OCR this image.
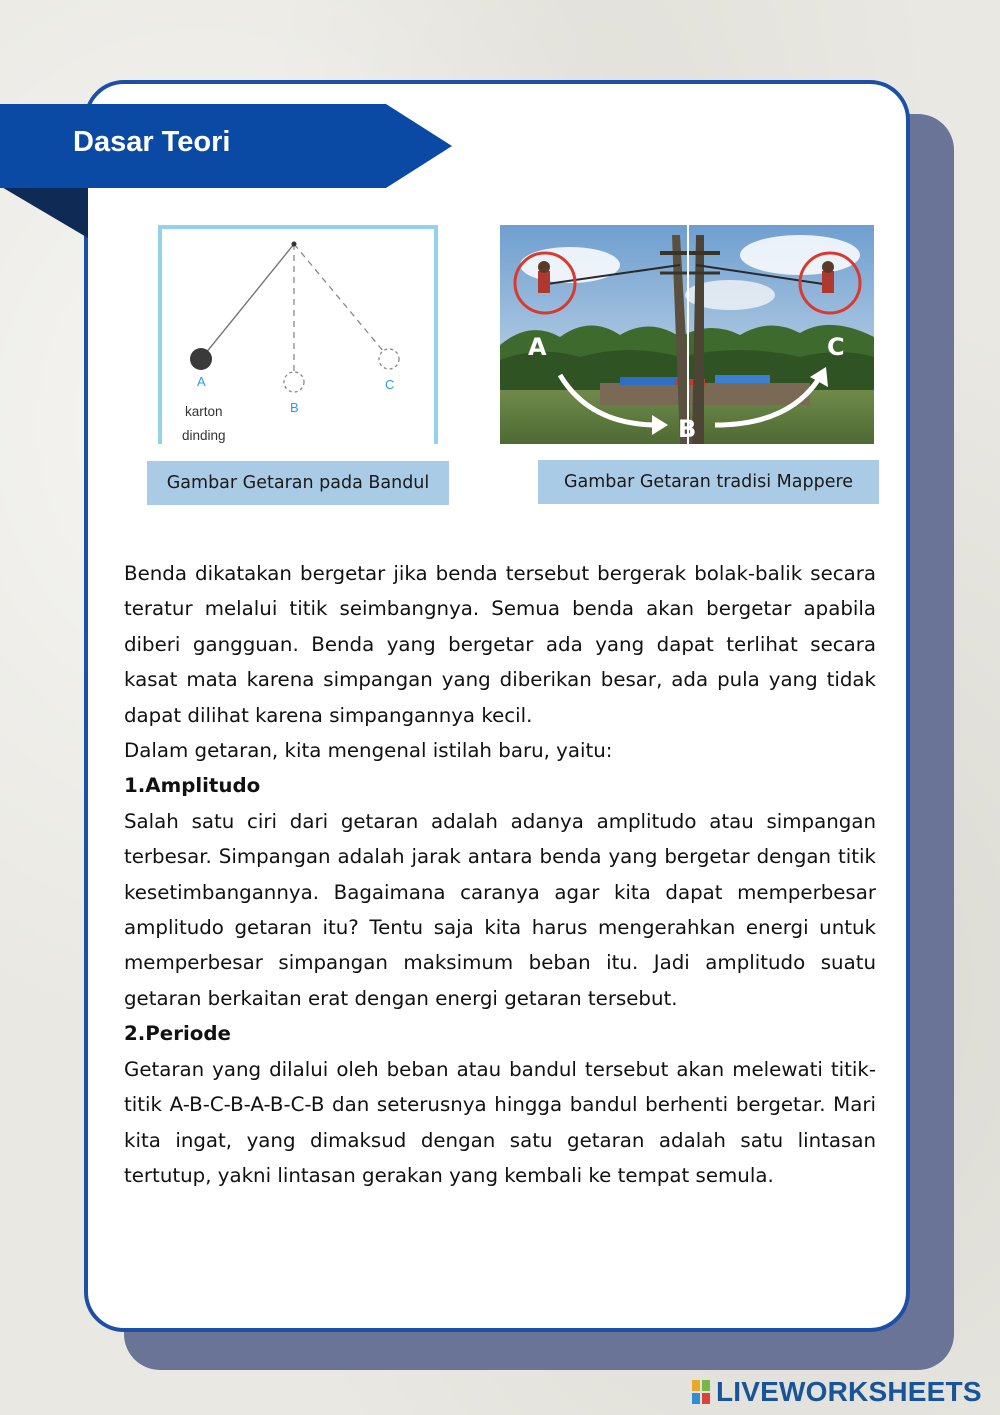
Dasar Teori
A
B
C
karton
dinding
A
B
C
Gambar Getaran pada Bandul	Gambar Getaran tradisi Mappere

Benda dikatakan bergetar jika benda tersebut bergerak bolak-balik secara teratur melalui titik seimbangnya. Semua benda akan bergetar apabila diberi gangguan. Benda yang bergetar ada yang dapat terlihat secara kasat mata karena simpangan yang diberikan besar, ada pula yang tidak dapat dilihat karena simpangannya kecil.

Dalam getaran, kita mengenal istilah baru, yaitu:

1.Amplitudo

Salah satu ciri dari getaran adalah adanya amplitudo atau simpangan terbesar. Simpangan adalah jarak antara benda yang bergetar dengan titik kesetimbangannya. Bagaimana caranya agar kita dapat memperbesar amplitudo getaran itu? Tentu saja kita harus mengerahkan energi untuk memperbesar simpangan maksimum beban itu. Jadi amplitudo suatu getaran berkaitan erat dengan energi getaran tersebut.

2.Periode

Getaran yang dilalui oleh beban atau bandul tersebut akan melewati titik-titik A-B-C-B-A-B-C-B dan seterusnya hingga bandul berhenti bergetar. Mari kita ingat, yang dimaksud dengan satu getaran adalah satu lintasan tertutup, yakni lintasan gerakan yang kembali ke tempat semula.

LIVEWORKSHEETS
